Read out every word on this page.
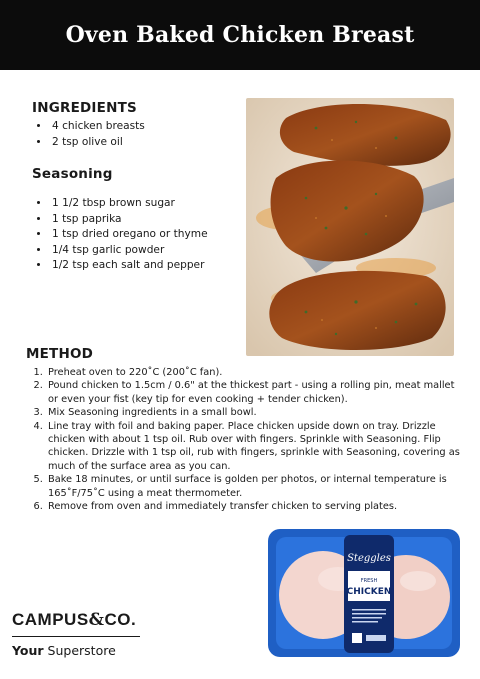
Oven Baked Chicken Breast
INGREDIENTS
• 4 chicken breasts
• 2 tsp olive oil
Seasoning
• 1 1/2 tbsp brown sugar
• 1 tsp paprika
• 1 tsp dried oregano or thyme
• 1/4 tsp garlic powder
• 1/2 tsp each salt and pepper
METHOD
1. Preheat oven to 220˚C (200˚C fan).
2. Pound chicken to 1.5cm / 0.6" at the thickest part - using a rolling pin, meat mallet or even your fist (key tip for even cooking + tender chicken).
3. Mix Seasoning ingredients in a small bowl.
4. Line tray with foil and baking paper. Place chicken upside down on tray. Drizzle chicken with about 1 tsp oil. Rub over with fingers. Sprinkle with Seasoning. Flip chicken. Drizzle with 1 tsp oil, rub with fingers, sprinkle with Seasoning, covering as much of the surface area as you can.
5. Bake 18 minutes, or until surface is golden per photos, or internal temperature is 165˚F/75˚C using a meat thermometer.
6. Remove from oven and immediately transfer chicken to serving plates.
CAMPUS&CO.
Your Superstore
Steggles
FRESH
CHICKEN
